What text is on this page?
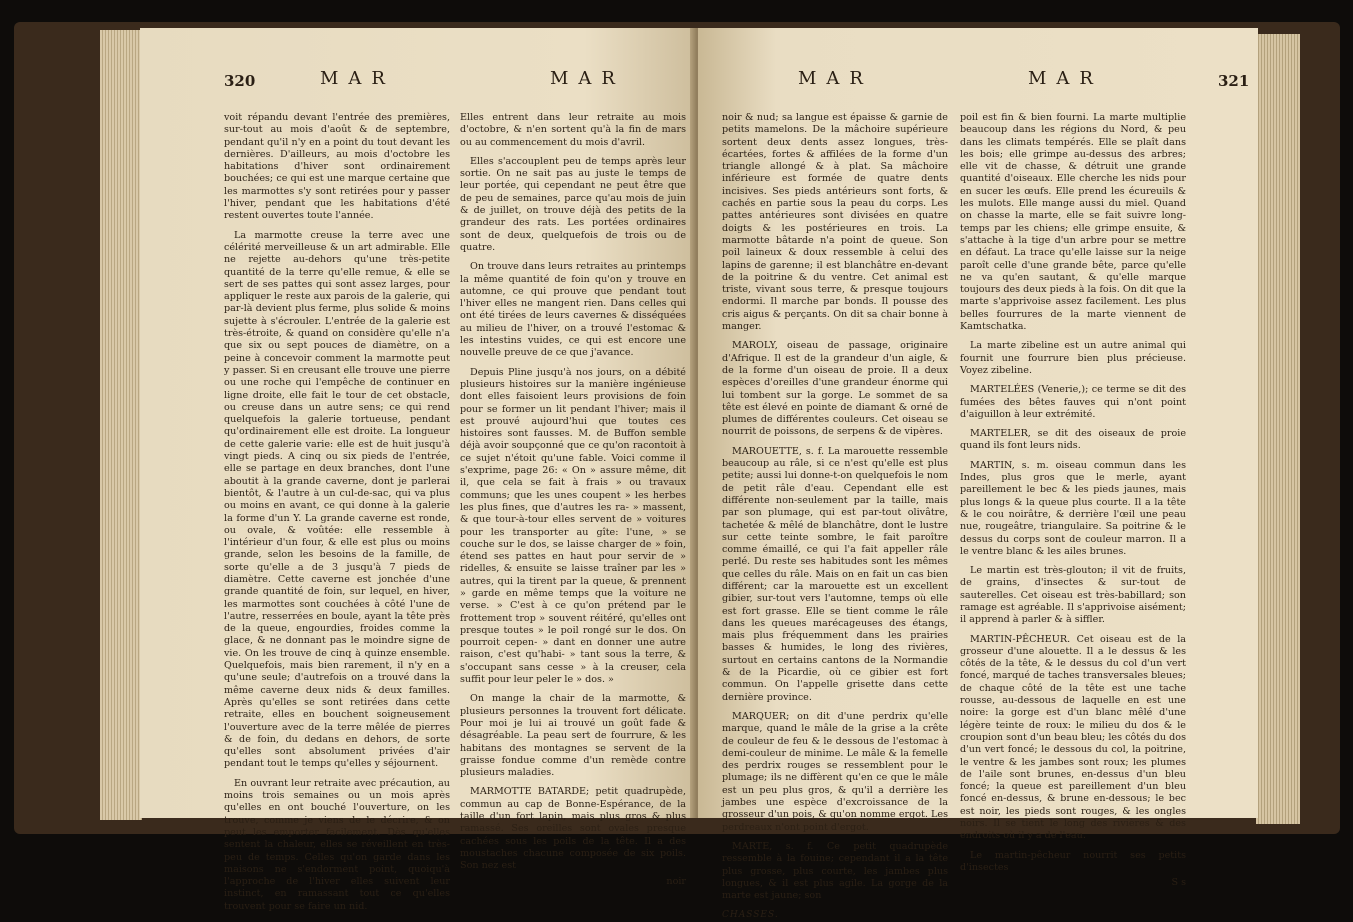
320	MAR	MAR

voit répandu devant l'entrée des premières, sur-tout au mois d'août & de septembre, pendant qu'il n'y en a point du tout devant les dernières. D'ailleurs, au mois d'octobre les habitations d'hiver sont ordinairement bouchées; ce qui est une marque certaine que les marmottes s'y sont retirées pour y passer l'hiver, pendant que les habitations d'été restent ouvertes toute l'année.

La marmotte creuse la terre avec une célérité merveilleuse & un art admirable. Elle ne rejette au-dehors qu'une très-petite quantité de la terre qu'elle remue, & elle se sert de ses pattes qui sont assez larges, pour appliquer le reste aux parois de la galerie, qui par-là devient plus ferme, plus solide & moins sujette à s'écrouler. L'entrée de la galerie est très-étroite, & quand on considère qu'elle n'a que six ou sept pouces de diamètre, on a peine à concevoir comment la marmotte peut y passer. Si en creusant elle trouve une pierre ou une roche qui l'empêche de continuer en ligne droite, elle fait le tour de cet obstacle, ou creuse dans un autre sens; ce qui rend quelquefois la galerie tortueuse, pendant qu'ordinairement elle est droite. La longueur de cette galerie varie: elle est de huit jusqu'à vingt pieds. A cinq ou six pieds de l'entrée, elle se partage en deux branches, dont l'une aboutit à la grande caverne, dont je parlerai bientôt, & l'autre à un cul-de-sac, qui va plus ou moins en avant, ce qui donne à la galerie la forme d'un Y. La grande caverne est ronde, ou ovale, & voûtée: elle ressemble à l'intérieur d'un four, & elle est plus ou moins grande, selon les besoins de la famille, de sorte qu'elle a de 3 jusqu'à 7 pieds de diamètre. Cette caverne est jonchée d'une grande quantité de foin, sur lequel, en hiver, les marmottes sont couchées à côté l'une de l'autre, resserrées en boule, ayant la tête près de la queue, engourdies, froides comme la glace, & ne donnant pas le moindre signe de vie. On les trouve de cinq à quinze ensemble. Quelquefois, mais bien rarement, il n'y en a qu'une seule; d'autrefois on a trouvé dans la même caverne deux nids & deux familles. Après qu'elles se sont retirées dans cette retraite, elles en bouchent soigneusement l'ouverture avec de la terre mêlée de pierres & de foin, du dedans en dehors, de sorte qu'elles sont absolument privées d'air pendant tout le temps qu'elles y séjournent.

En ouvrant leur retraite avec précaution, au moins trois semaines ou un mois après qu'elles en ont bouché l'ouverture, on les trouve, comme je viens de le décrire, & on peut les emporter facilement. Dès qu'elles sentent la chaleur, elles se réveillent en très-peu de temps. Celles qu'on garde dans les maisons ne s'endorment point, quoiqu'à l'approche de l'hiver elles suivent leur instinct, en ramassant tout ce qu'elles trouvent pour se faire un nid.

Elles entrent dans leur retraite au mois d'octobre, & n'en sortent qu'à la fin de mars ou au commencement du mois d'avril.

Elles s'accouplent peu de temps après leur sortie. On ne sait pas au juste le temps de leur portée, qui cependant ne peut être que de peu de semaines, parce qu'au mois de juin & de juillet, on trouve déjà des petits de la grandeur des rats. Les portées ordinaires sont de deux, quelquefois de trois ou de quatre.

On trouve dans leurs retraites au printemps la même quantité de foin qu'on y trouve en automne, ce qui prouve que pendant tout l'hiver elles ne mangent rien. Dans celles qui ont été tirées de leurs cavernes & disséquées au milieu de l'hiver, on a trouvé l'estomac & les intestins vuides, ce qui est encore une nouvelle preuve de ce que j'avance.

Depuis Pline jusqu'à nos jours, on a débité plusieurs histoires sur la manière ingénieuse dont elles faisoient leurs provisions de foin pour se former un lit pendant l'hiver; mais il est prouvé aujourd'hui que toutes ces histoires sont fausses. M. de Buffon semble déjà avoir soupçonné que ce qu'on racontoit à ce sujet n'étoit qu'une fable. Voici comme il s'exprime, page 26: « On » assure même, dit il, que cela se fait à frais » ou travaux communs; que les unes coupent » les herbes les plus fines, que d'autres les ra- » massent, & que tour-à-tour elles servent de » voitures pour les transporter au gîte: l'une, » se couche sur le dos, se laisse charger de » foin, étend ses pattes en haut pour servir de » ridelles, & ensuite se laisse traîner par les » autres, qui la tirent par la queue, & prennent » garde en même temps que la voiture ne verse. » C'est à ce qu'on prétend par le frottement trop » souvent réitéré, qu'elles ont presque toutes » le poil rongé sur le dos. On pourroit cepen- » dant en donner une autre raison, c'est qu'habi- » tant sous la terre, & s'occupant sans cesse » à la creuser, cela suffit pour leur peler le » dos. »

On mange la chair de la marmotte, & plusieurs personnes la trouvent fort délicate. Pour moi je lui ai trouvé un goût fade & désagréable. La peau sert de fourrure, & les habitans des montagnes se servent de la graisse fondue comme d'un remède contre plusieurs maladies.

MARMOTTE BATARDE; petit quadrupède, commun au cap de Bonne-Espérance, de la taille d'un fort lapin, mais plus gros & plus ramassé. Ses oreilles sont ovales presque cachées sous les poils de la tête. Il a des moustaches chacune composée de six poils. Son nez est

noir
MAR	MAR	321

noir & nud; sa langue est épaisse & garnie de petits mamelons. De la mâchoire supérieure sortent deux dents assez longues, très-écartées, fortes & affilées de la forme d'un triangle allongé & à plat. Sa mâchoire inférieure est formée de quatre dents incisives. Ses pieds antérieurs sont forts, & cachés en partie sous la peau du corps. Les pattes antérieures sont divisées en quatre doigts & les postérieures en trois. La marmotte bâtarde n'a point de queue. Son poil laineux & doux ressemble à celui des lapins de garenne; il est blanchâtre en-devant de la poitrine & du ventre. Cet animal est triste, vivant sous terre, & presque toujours endormi. Il marche par bonds. Il pousse des cris aigus & perçants. On dit sa chair bonne à manger.

MAROLY, oiseau de passage, originaire d'Afrique. Il est de la grandeur d'un aigle, & de la forme d'un oiseau de proie. Il a deux espèces d'oreilles d'une grandeur énorme qui lui tombent sur la gorge. Le sommet de sa tête est élevé en pointe de diamant & orné de plumes de différentes couleurs. Cet oiseau se nourrit de poissons, de serpens & de vipères.

MAROUETTE, s. f. La marouette ressemble beaucoup au râle, si ce n'est qu'elle est plus petite; aussi lui donne-t-on quelquefois le nom de petit râle d'eau. Cependant elle est différente non-seulement par la taille, mais par son plumage, qui est par-tout olivâtre, tachetée & mêlé de blanchâtre, dont le lustre sur cette teinte sombre, le fait paroître comme émaillé, ce qui l'a fait appeller râle perlé. Du reste ses habitudes sont les mêmes que celles du râle. Mais on en fait un cas bien différent; car la marouette est un excellent gibier, sur-tout vers l'automne, temps où elle est fort grasse. Elle se tient comme le râle dans les queues marécageuses des étangs, mais plus fréquemment dans les prairies basses & humides, le long des rivières, surtout en certains cantons de la Normandie & de la Picardie, où ce gibier est fort commun. On l'appelle grisette dans cette dernière province.

MARQUER; on dit d'une perdrix qu'elle marque, quand le mâle de la grise a la crête de couleur de feu & le dessous de l'estomac à demi-couleur de minime. Le mâle & la femelle des perdrix rouges se ressemblent pour le plumage; ils ne diffèrent qu'en ce que le mâle est un peu plus gros, & qu'il a derrière les jambes une espèce d'excroissance de la grosseur d'un pois, & qu'on nomme ergot. Les perdreaux n'ont point d'ergot.

MARTE, s. f. Ce petit quadrupède ressemble à la fouine; cependant il a la tête plus grosse, plus courte, les jambes plus longues, & il est plus agile. La gorge de la marte est jaune; son

CHASSES.

poil est fin & bien fourni. La marte multiplie beaucoup dans les régions du Nord, & peu dans les climats tempérés. Elle se plaît dans les bois; elle grimpe au-dessus des arbres; elle vit de chasse, & détruit une grande quantité d'oiseaux. Elle cherche les nids pour en sucer les œufs. Elle prend les écureuils & les mulots. Elle mange aussi du miel. Quand on chasse la marte, elle se fait suivre long-temps par les chiens; elle grimpe ensuite, & s'attache à la tige d'un arbre pour se mettre en défaut. La trace qu'elle laisse sur la neige paroît celle d'une grande bête, parce qu'elle ne va qu'en sautant, & qu'elle marque toujours des deux pieds à la fois. On dit que la marte s'apprivoise assez facilement. Les plus belles fourrures de la marte viennent de Kamtschatka.

La marte zibeline est un autre animal qui fournit une fourrure bien plus précieuse. Voyez zibeline.

MARTELÉES (Venerie,); ce terme se dit des fumées des bêtes fauves qui n'ont point d'aiguillon à leur extrémité.

MARTELER, se dit des oiseaux de proie quand ils font leurs nids.

MARTIN, s. m. oiseau commun dans les Indes, plus gros que le merle, ayant pareillement le bec & les pieds jaunes, mais plus longs & la queue plus courte. Il a la tête & le cou noirâtre, & derrière l'œil une peau nue, rougeâtre, triangulaire. Sa poitrine & le dessus du corps sont de couleur marron. Il a le ventre blanc & les ailes brunes.

Le martin est très-glouton; il vit de fruits, de grains, d'insectes & sur-tout de sauterelles. Cet oiseau est très-babillard; son ramage est agréable. Il s'apprivoise aisément; il apprend à parler & à siffler.

MARTIN-PÊCHEUR. Cet oiseau est de la grosseur d'une alouette. Il a le dessus & les côtés de la tête, & le dessus du col d'un vert foncé, marqué de taches transversales bleues; de chaque côté de la tête est une tache rousse, au-dessous de laquelle en est une noire: la gorge est d'un blanc mêlé d'une légère teinte de roux: le milieu du dos & le croupion sont d'un beau bleu; les côtés du dos d'un vert foncé; le dessous du col, la poitrine, le ventre & les jambes sont roux; les plumes de l'aile sont brunes, en-dessus d'un bleu foncé; la queue est pareillement d'un bleu foncé en-dessus, & brune en-dessous; le bec est noir, les pieds sont rouges, & les ongles noirs. Il se tient le long des rivières & des endroits où il y a de l'eau.

Le martin-pêcheur nourrit ses petits d'insectes

S s
